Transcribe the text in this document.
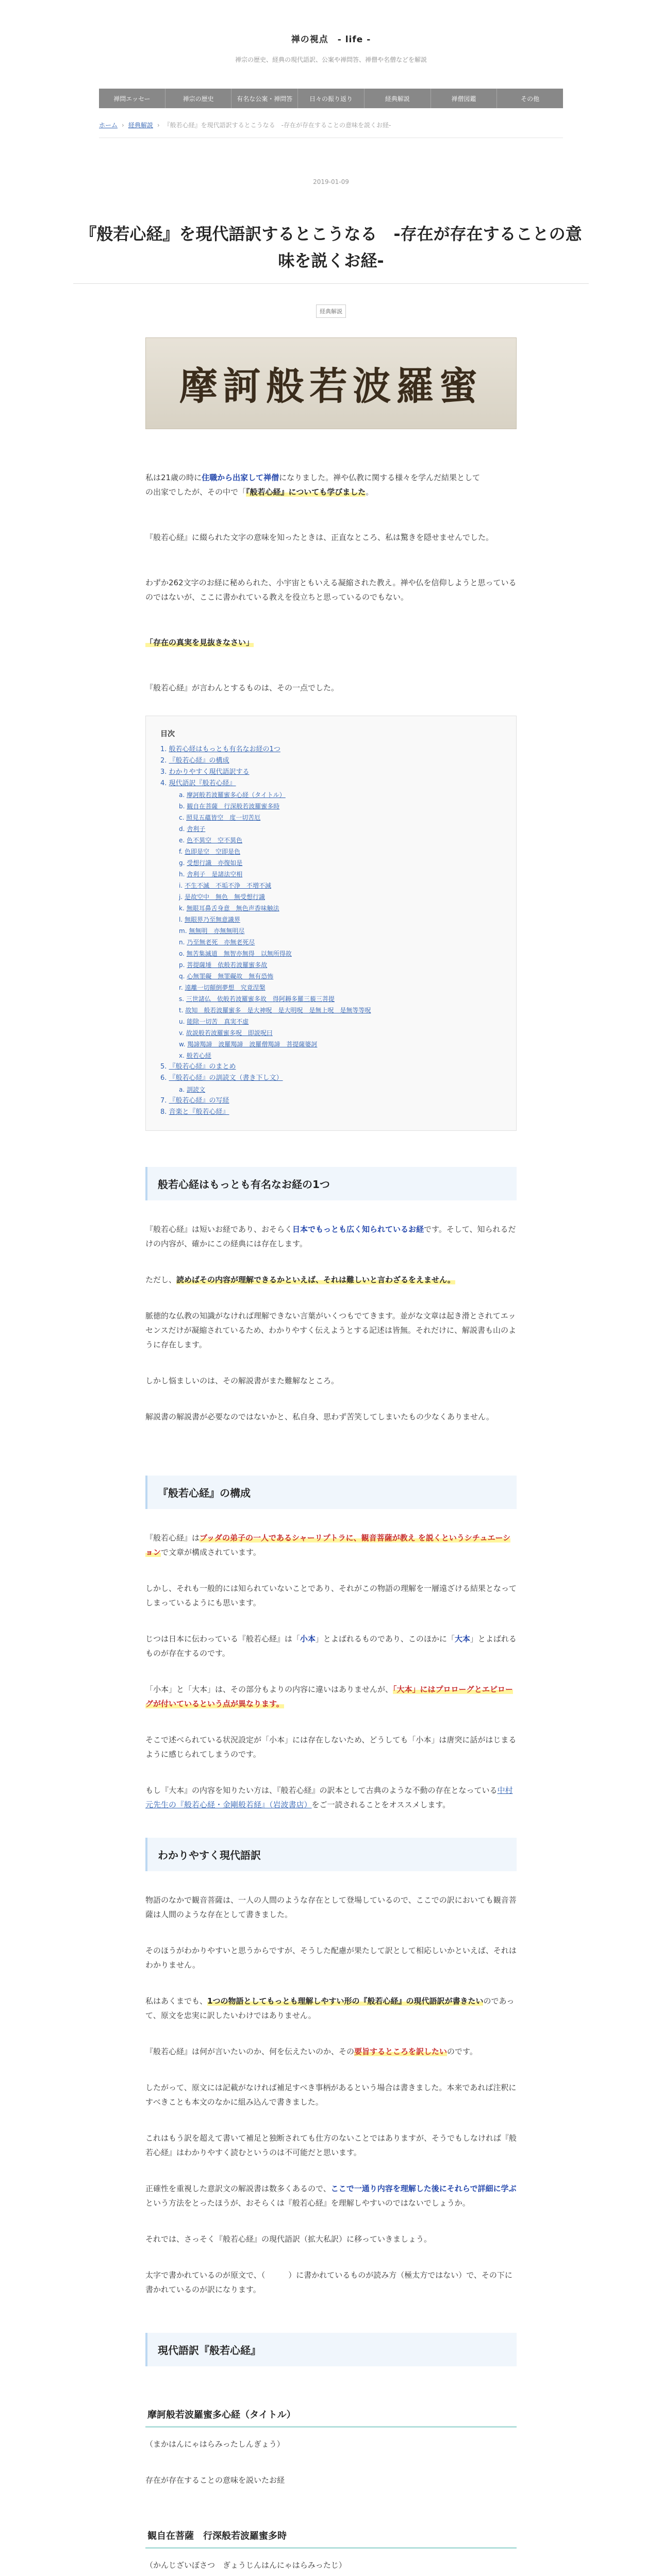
禅の視点　- life -
禅宗の歴史、経典の現代語訳、公案や禅問答、禅僧や名僧などを解説
禅問エッセー	禅宗の歴史	有名な公案・禅問答	日々の振り返り	経典解説	禅僧図鑑	その他
ホーム › 経典解説 › 『般若心経』を現代語訳するとこうなる　-存在が存在することの意味を説くお経-
2019-01-09
『般若心経』を現代語訳するとこうなる　-存在が存在することの意味を説くお経-
経典解説
摩訶般若波羅蜜

私は21歳の時に住職から出家して禅僧になりました。禅や仏教に関する様々を学んだ結果として
の出家でしたが、その中で「『般若心経』についても学びました。

『般若心経』に綴られた文字の意味を知ったときは、正直なところ、私は驚きを隠せませんでした。

わずか262文字のお経に秘められた、小宇宙ともいえる凝縮された教え。禅や仏を信仰しようと思っているのではないが、ここに書かれている教えを役立ちと思っているのでもない。

「存在の真実を見抜きなさい」

『般若心経』が言わんとするものは、その一点でした。

目次
1. 般若心経はもっとも有名なお経の1つ
2. 『般若心経』の構成
3. わかりやすく現代語訳する
4. 現代語訳『般若心経』
a. 摩訶般若波羅蜜多心経（タイトル）
b. 観自在菩薩　行深般若波羅蜜多時
c. 照見五蘊皆空　度一切苦厄
d. 舎利子
e. 色不異空　空不異色
f. 色即是空　空即是色
g. 受想行識　亦復如是
h. 舎利子　是諸法空相
i. 不生不滅　不垢不浄　不増不減
j. 是故空中　無色　無受想行識
k. 無眼耳鼻舌身意　無色声香味触法
l. 無眼界乃至無意識界
m. 無無明　亦無無明尽
n. 乃至無老死　亦無老死尽
o. 無苦集滅道　無智亦無得　以無所得故
p. 菩提薩埵　依般若波羅蜜多故
q. 心無罣礙　無罣礙故　無有恐怖
r. 遠離一切顛倒夢想　究竟涅槃
s. 三世諸仏　依般若波羅蜜多故　得阿耨多羅三藐三菩提
t. 故知　般若波羅蜜多　是大神呪　是大明呪　是無上呪　是無等等呪
u. 能除一切苦　真実不虚
v. 故説般若波羅蜜多呪　即説呪曰
w. 羯諦羯諦　波羅羯諦　波羅僧羯諦　菩提薩婆訶
x. 般若心経
5. 『般若心経』のまとめ
6. 『般若心経』の訓読文（書き下し文）
a. 訓読文
7. 『般若心経』の写経
8. 音楽と『般若心経』
般若心経はもっとも有名なお経の1つ

『般若心経』は短いお経であり、おそらく日本でもっとも広く知られているお経です。そして、知られるだけの内容が、確かにこの経典には存在します。

ただし、読めばその内容が理解できるかといえば、それは難しいと言わざるをえません。

脈徳的な仏教の知識がなければ理解できない言葉がいくつもでてきます。並がな文章は起き滑とされてエッセンスだけが凝縮されているため、わかりやすく伝えようとする記述は皆無。それだけに、解説書も山のように存在します。

しかし悩ましいのは、その解説書がまた難解なところ。

解説書の解説書が必要なのではないかと、私自身、思わず苦笑してしまいたもの少なくありません。

『般若心経』の構成

『般若心経』はブッダの弟子の一人であるシャーリプトラに、観音菩薩が教え を説くというシチュエーションで文章が構成されています。

しかし、それも一般的には知られていないことであり、それがこの物語の理解を一層遠ざける結果となってしまっているようにも思います。

じつは日本に伝わっている『般若心経』は「小本」とよばれるものであり、このほかに「大本」とよばれるものが存在するのです。

「小本」と「大本」は、その部分もよりの内容に違いはありませんが、「大本」にはプロローグとエピローグが付いているという点が異なります。

そこで述べられている状況設定が「小本」には存在しないため、どうしても「小本」は唐突に話がはじまるように感じられてしまうのです。

もし『大本』の内容を知りたい方は、『般若心経』の訳本として古典のような不動の存在となっている中村元先生の『般若心経・金剛般若経』（岩波書店）をご一読されることをオススメします。

わかりやすく現代語訳

物語のなかで観音菩薩は、一人の人間のような存在として登場しているので、ここでの訳においても観音菩薩は人間のような存在として書きました。

そのほうがわかりやすいと思うからですが、そうした配慮が果たして訳として相応しいかといえば、それはわかりません。

私はあくまでも、1つの物語としてもっとも理解しやすい形の『般若心経』の現代語訳が書きたいのであって、原文を忠実に訳したいわけではありません。

『般若心経』は何が言いたいのか、何を伝えたいのか、その要旨するところを訳したいのです。

したがって、原文には記載がなければ補足すべき事柄があるという場合は書きました。本来であれば注釈にすべきことも本文のなかに組み込んで書きました。

これはもう訳を超えて書いて補足と独断されても仕方のないことではありますが、そうでもしなければ『般若心経』はわかりやすく読むというのは不可能だと思います。

正確性を重視した意訳文の解説書は数多くあるので、ここで一通り内容を理解した後にそれらで詳細に学ぶという方法をとったほうが、おそらくは『般若心経』を理解しやすいのではないでしょうか。

それでは、さっそく『般若心経』の現代語訳（拡大私訳）に移っていきましょう。

太字で書かれているのが原文で、（　　　）に書かれているものが読み方（極太方ではない）で、その下に書かれているのが訳になります。

現代語訳『般若心経』
摩訶般若波羅蜜多心経（タイトル）

（まかはんにゃはらみったしんぎょう）

存在が存在することの意味を説いたお経

観自在菩薩　行深般若波羅蜜多時

（かんじざいぼさつ　ぎょうじんはんにゃはらみったじ）
